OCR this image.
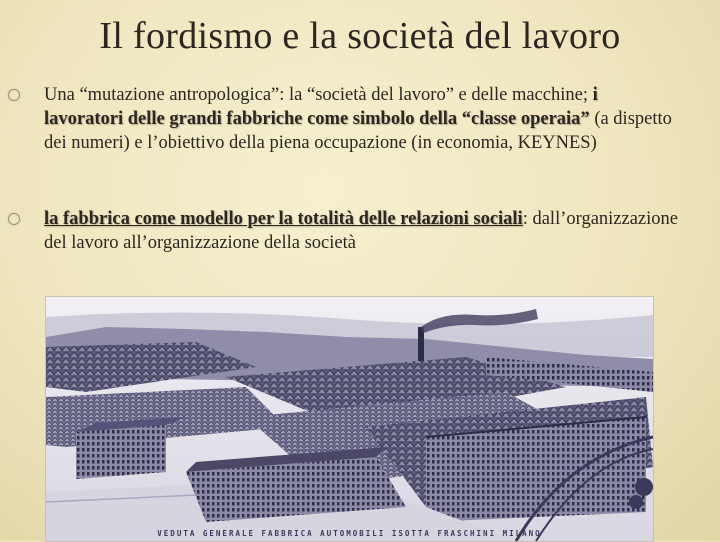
Il fordismo e la società del lavoro
Una “mutazione antropologica”: la “società del lavoro” e delle macchine; i lavoratori delle grandi fabbriche come simbolo della “classe operaia” (a dispetto dei numeri) e l’obiettivo della piena occupazione (in economia, KEYNES)
la fabbrica come modello per la totalità delle relazioni sociali: dall’organizzazione del lavoro all’organizzazione della società
VEDUTA GENERALE FABBRICA AUTOMOBILI ISOTTA FRASCHINI MILANO
